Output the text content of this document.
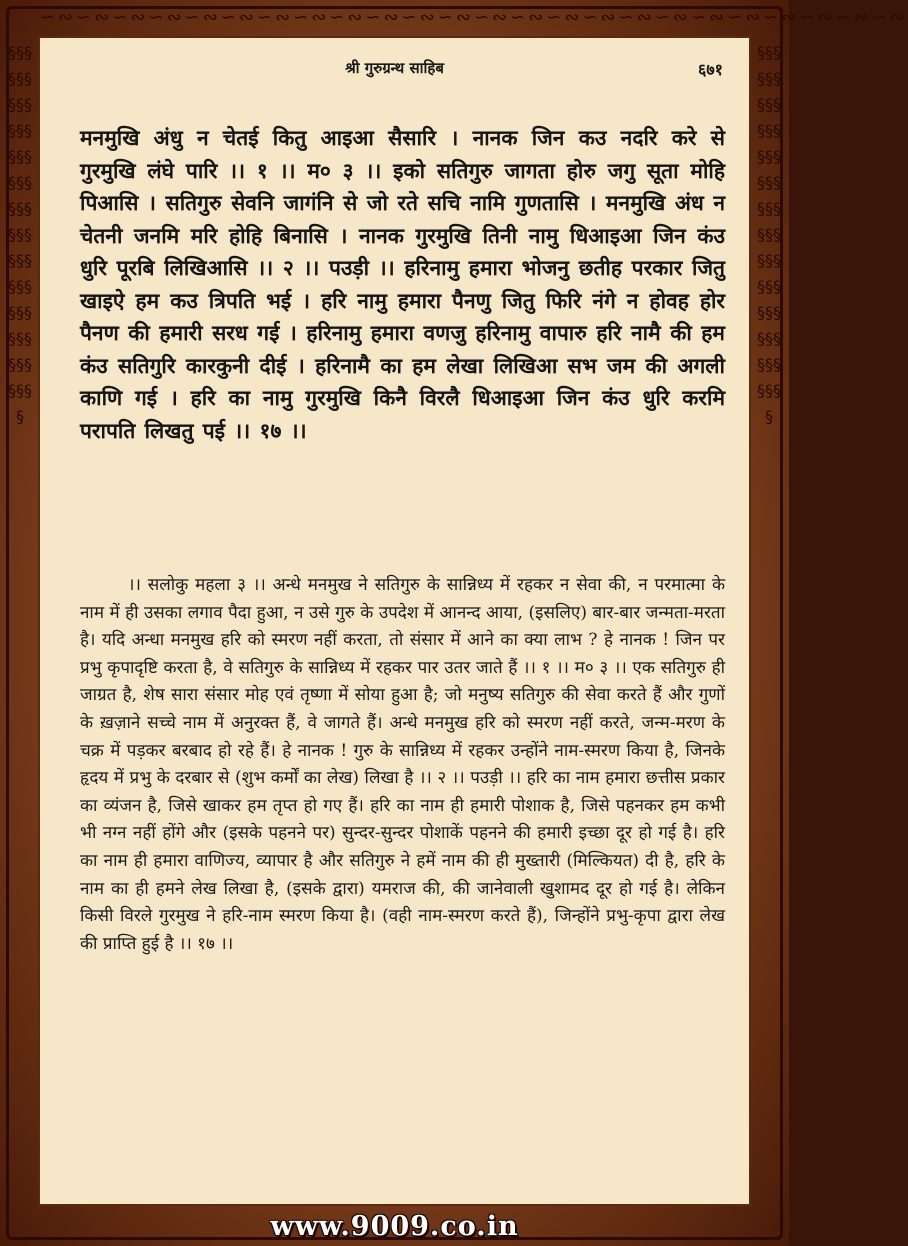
∽∾∽∾∽∾∽∾∽∾∽∾∽∾∽∾∽∾∽∾∽∾∽∾∽∾∽∾∽∾∽∾∽∾∽∾∽∾∽∾∽∾∽∾∽∾∽∾
§§§§§§§§§§§§§§§§§§§§§§§§§§§§§§§§§§§§§§§§§§§
§§§§§§§§§§§§§§§§§§§§§§§§§§§§§§§§§§§§§§§§§§§
श्री गुरुग्रन्थ साहिब	६७१
मनमुखि अंधु न चेतई कितु आइआ सैसारि । नानक जिन कउ नदरि करे से गुरमुखि लंघे पारि ।। १ ।। म० ३ ।। इको सतिगुरु जागता होरु जगु सूता मोहि पिआसि । सतिगुरु सेवनि जागंनि से जो रते सचि नामि गुणतासि । मनमुखि अंध न चेतनी जनमि मरि होहि बिनासि । नानक गुरमुखि तिनी नामु धिआइआ जिन कंउ धुरि पूरबि लिखिआसि ।। २ ।। पउड़ी ।। हरिनामु हमारा भोजनु छतीह परकार जितु खाइऐ हम कउ त्रिपति भई । हरि नामु हमारा पैनणु जितु फिरि नंगे न होवह होर पैनण की हमारी सरध गई । हरिनामु हमारा वणजु हरिनामु वापारु हरि नामै की हम कंउ सतिगुरि कारकुनी दीई । हरिनामै का हम लेखा लिखिआ सभ जम की अगली काणि गई । हरि का नामु गुरमुखि किनै विरलै धिआइआ जिन कंउ धुरि करमि परापति लिखतु पई ।। १७ ।।
।। सलोकु महला ३ ।। अन्धे मनमुख ने सतिगुरु के सान्निध्य में रहकर न सेवा की, न परमात्मा के नाम में ही उसका लगाव पैदा हुआ, न उसे गुरु के उपदेश में आनन्द आया, (इसलिए) बार-बार जन्मता-मरता है। यदि अन्धा मनमुख हरि को स्मरण नहीं करता, तो संसार में आने का क्या लाभ ? हे नानक ! जिन पर प्रभु कृपादृष्टि करता है, वे सतिगुरु के सान्निध्य में रहकर पार उतर जाते हैं ।। १ ।। म० ३ ।। एक सतिगुरु ही जाग्रत है, शेष सारा संसार मोह एवं तृष्णा में सोया हुआ है; जो मनुष्य सतिगुरु की सेवा करते हैं और गुणों के ख़ज़ाने सच्चे नाम में अनुरक्त हैं, वे जागते हैं। अन्धे मनमुख हरि को स्मरण नहीं करते, जन्म-मरण के चक्र में पड़कर बरबाद हो रहे हैं। हे नानक ! गुरु के सान्निध्य में रहकर उन्होंने नाम-स्मरण किया है, जिनके हृदय में प्रभु के दरबार से (शुभ कर्मों का लेख) लिखा है ।। २ ।। पउड़ी ।। हरि का नाम हमारा छत्तीस प्रकार का व्यंजन है, जिसे खाकर हम तृप्त हो गए हैं। हरि का नाम ही हमारी पोशाक है, जिसे पहनकर हम कभी भी नग्न नहीं होंगे और (इसके पहनने पर) सुन्दर-सुन्दर पोशाकें पहनने की हमारी इच्छा दूर हो गई है। हरि का नाम ही हमारा वाणिज्य, व्यापार है और सतिगुरु ने हमें नाम की ही मुख्तारी (मिल्कियत) दी है, हरि के नाम का ही हमने लेख लिखा है, (इसके द्वारा) यमराज की, की जानेवाली खुशामद दूर हो गई है। लेकिन किसी विरले गुरमुख ने हरि-नाम स्मरण किया है। (वही नाम-स्मरण करते हैं), जिन्होंने प्रभु-कृपा द्वारा लेख की प्राप्ति हुई है ।। १७ ।।
www.9009.co.in
